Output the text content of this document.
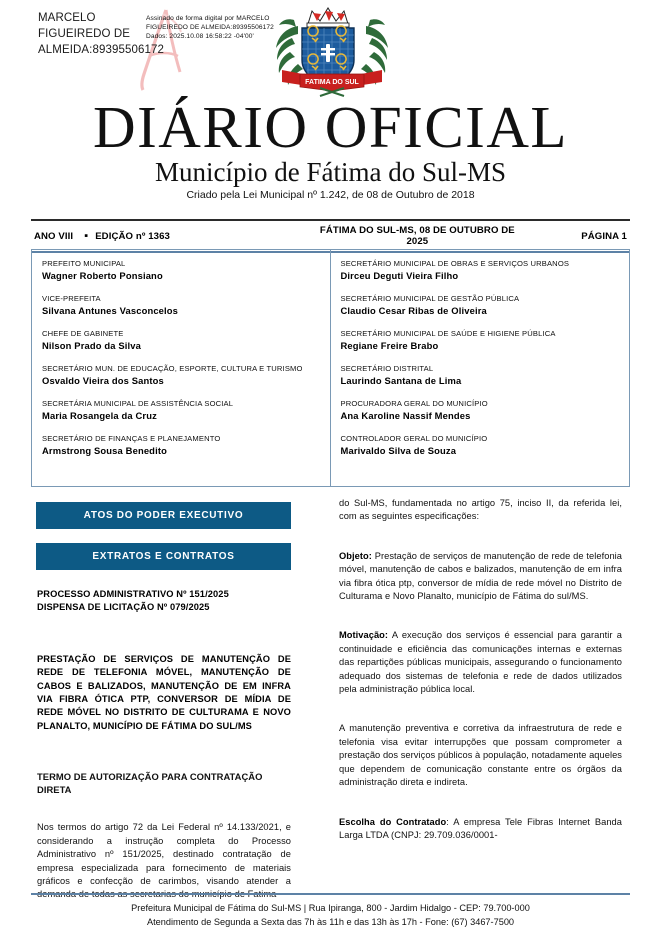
MARCELO FIGUEIREDO DE ALMEIDA:89395506172
Assinado de forma digital por MARCELO FIGUEIREDO DE ALMEIDA:89395506172 Dados: 2025.10.08 16:58:22 -04'00'
FATIMA DO SUL
DIÁRIO OFICIAL
Município de Fátima do Sul-MS
Criado pela Lei Municipal nº 1.242, de 08 de Outubro de 2018
ANO VIII ▪ EDIÇÃO nº 1363	FÁTIMA DO SUL-MS, 08 DE OUTUBRO DE 2025	PÁGINA 1
PREFEITO MUNICIPAL
Wagner Roberto Ponsiano
VICE-PREFEITA
Silvana Antunes Vasconcelos
CHEFE DE GABINETE
Nilson Prado da Silva
SECRETÁRIO MUN. DE EDUCAÇÃO, ESPORTE, CULTURA E TURISMO
Osvaldo Vieira dos Santos
SECRETÁRIA MUNICIPAL DE ASSISTÊNCIA SOCIAL
Maria Rosangela da Cruz
SECRETÁRIO DE FINANÇAS E PLANEJAMENTO
Armstrong Sousa Benedito
SECRETÁRIO MUNICIPAL DE OBRAS E SERVIÇOS URBANOS
Dirceu Deguti Vieira Filho
SECRETÁRIO MUNICIPAL DE GESTÃO PÚBLICA
Claudio Cesar Ribas de Oliveira
SECRETÁRIO MUNICIPAL DE SAÚDE E HIGIENE PÚBLICA
Regiane Freire Brabo
SECRETÁRIO DISTRITAL
Laurindo Santana de Lima
PROCURADORA GERAL DO MUNICÍPIO
Ana Karoline Nassif Mendes
CONTROLADOR GERAL DO MUNICÍPIO
Marivaldo Silva de Souza
ATOS DO PODER EXECUTIVO
EXTRATOS E CONTRATOS
PROCESSO ADMINISTRATIVO Nº 151/2025
DISPENSA DE LICITAÇÃO Nº 079/2025
PRESTAÇÃO DE SERVIÇOS DE MANUTENÇÃO DE REDE DE TELEFONIA MÓVEL, MANUTENÇÃO DE CABOS E BALIZADOS, MANUTENÇÃO DE EM INFRA VIA FIBRA ÓTICA PTP, CONVERSOR DE MÍDIA DE REDE MÓVEL NO DISTRITO DE CULTURAMA E NOVO PLANALTO, MUNICÍPIO DE FÁTIMA DO SUL/MS
TERMO DE AUTORIZAÇÃO PARA CONTRATAÇÃO DIRETA
Nos termos do artigo 72 da Lei Federal nº 14.133/2021, e considerando a instrução completa do Processo Administrativo nº 151/2025, destinado contratação de empresa especializada para fornecimento de materiais gráficos e confecção de carimbos, visando atender a demanda de todas as secretarias do município de Fatima
do Sul-MS, fundamentada no artigo 75, inciso II, da referida lei, com as seguintes especificações:

Objeto: Prestação de serviços de manutenção de rede de telefonia móvel, manutenção de cabos e balizados, manutenção de em infra via fibra ótica ptp, conversor de mídia de rede móvel no Distrito de Culturama e Novo Planalto, município de Fátima do sul/MS.

Motivação: A execução dos serviços é essencial para garantir a continuidade e eficiência das comunicações internas e externas das repartições públicas municipais, assegurando o funcionamento adequado dos sistemas de telefonia e rede de dados utilizados pela administração pública local.

A manutenção preventiva e corretiva da infraestrutura de rede e telefonia visa evitar interrupções que possam comprometer a prestação dos serviços públicos à população, notadamente aqueles que dependem de comunicação constante entre os órgãos da administração direta e indireta.

Escolha do Contratado: A empresa Tele Fibras Internet Banda Larga LTDA (CNPJ: 29.709.036/0001-

Prefeitura Municipal de Fátima do Sul-MS | Rua Ipiranga, 800 - Jardim Hidalgo - CEP: 79.700-000
Atendimento de Segunda a Sexta das 7h às 11h e das 13h às 17h - Fone: (67) 3467-7500
